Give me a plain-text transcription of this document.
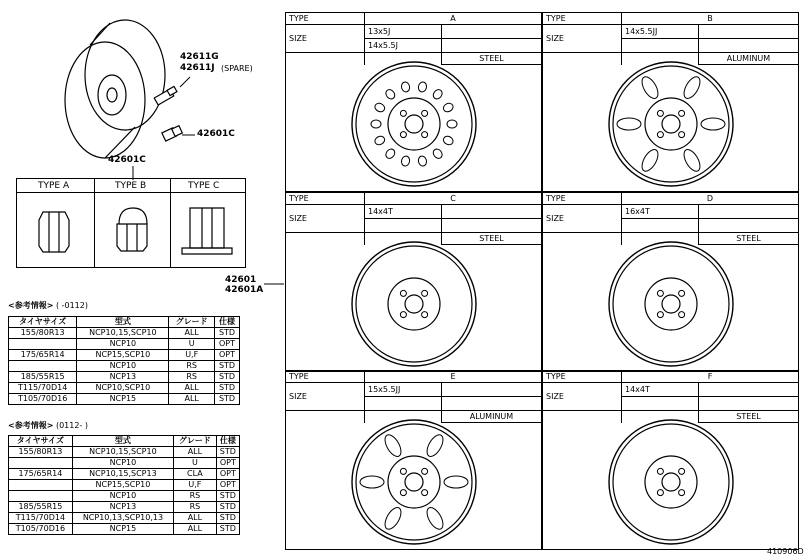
42611G
42611J (SPARE)
42601C
42601C
TYPE A	TYPE B	TYPE C
42601
42601A
<参考情報> ( -0112)
タイヤサイズ	型式	グレード	仕様
155/80R13	NCP10,15,SCP10	ALL	STD
	NCP10	U	OPT
175/65R14	NCP15,SCP10	U,F	OPT
	NCP10	RS	STD
185/55R15	NCP13	RS	STD
T115/70D14	NCP10,SCP10	ALL	STD
T105/70D16	NCP15	ALL	STD
<参考情報> (0112- )
タイヤサイズ	型式	グレード	仕様
155/80R13	NCP10,15,SCP10	ALL	STD
	NCP10	U	OPT
175/65R14	NCP10,15,SCP13	CLA	OPT
	NCP15,SCP10	U,F	OPT
	NCP10	RS	STD
185/55R15	NCP13	RS	STD
T115/70D14	NCP10,13,SCP10,13	ALL	STD
T105/70D16	NCP15	ALL	STD
TYPE	A	
SIZE	13x5J	
	14x5.5J	
		STEEL
TYPE	B	
SIZE	14x5.5JJ	

		ALUMINUM
TYPE	C	
SIZE	14x4T	

		STEEL
TYPE	D	
SIZE	16x4T	

		STEEL
TYPE	E	
SIZE	15x5.5JJ	

		ALUMINUM
TYPE	F	
SIZE	14x4T	

		STEEL
410906D
